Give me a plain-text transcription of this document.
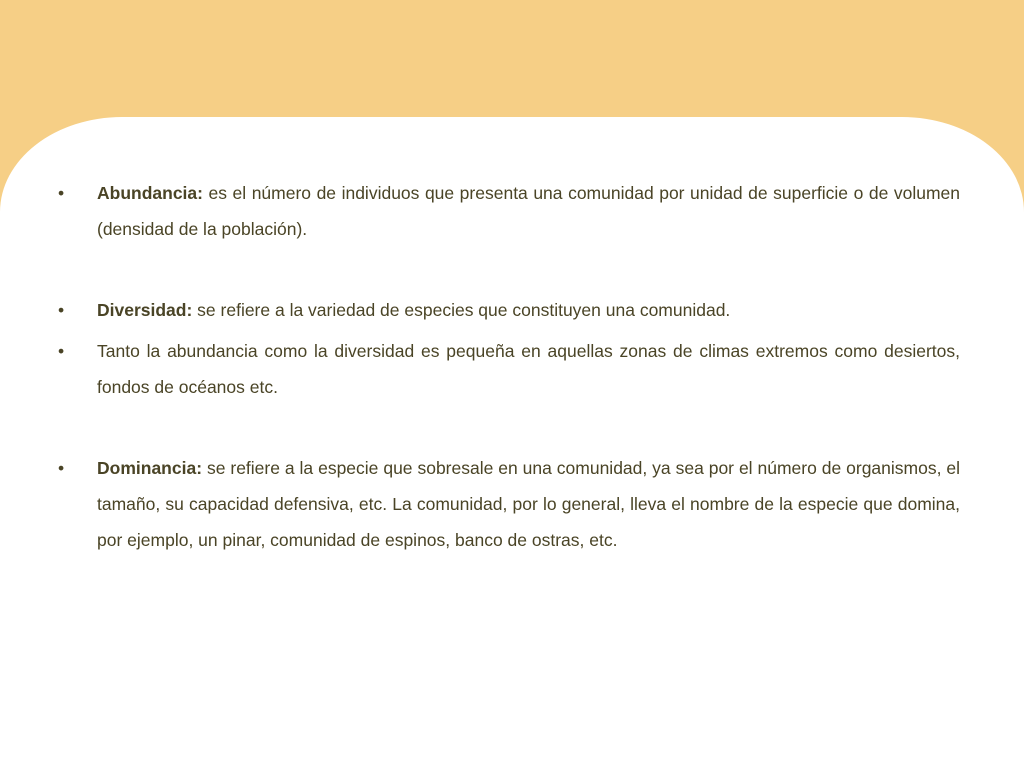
• Abundancia: es el número de individuos que presenta una comunidad por unidad de superficie o de volumen (densidad de la población).
• Diversidad: se refiere a la variedad de especies que constituyen una comunidad.
• Tanto la abundancia como la diversidad es pequeña en aquellas zonas de climas extremos como desiertos, fondos de océanos etc.
• Dominancia: se refiere a la especie que sobresale en una comunidad, ya sea por el número de organismos, el tamaño, su capacidad defensiva, etc. La comunidad, por lo general, lleva el nombre de la especie que domina, por ejemplo, un pinar, comunidad de espinos, banco de ostras, etc.
